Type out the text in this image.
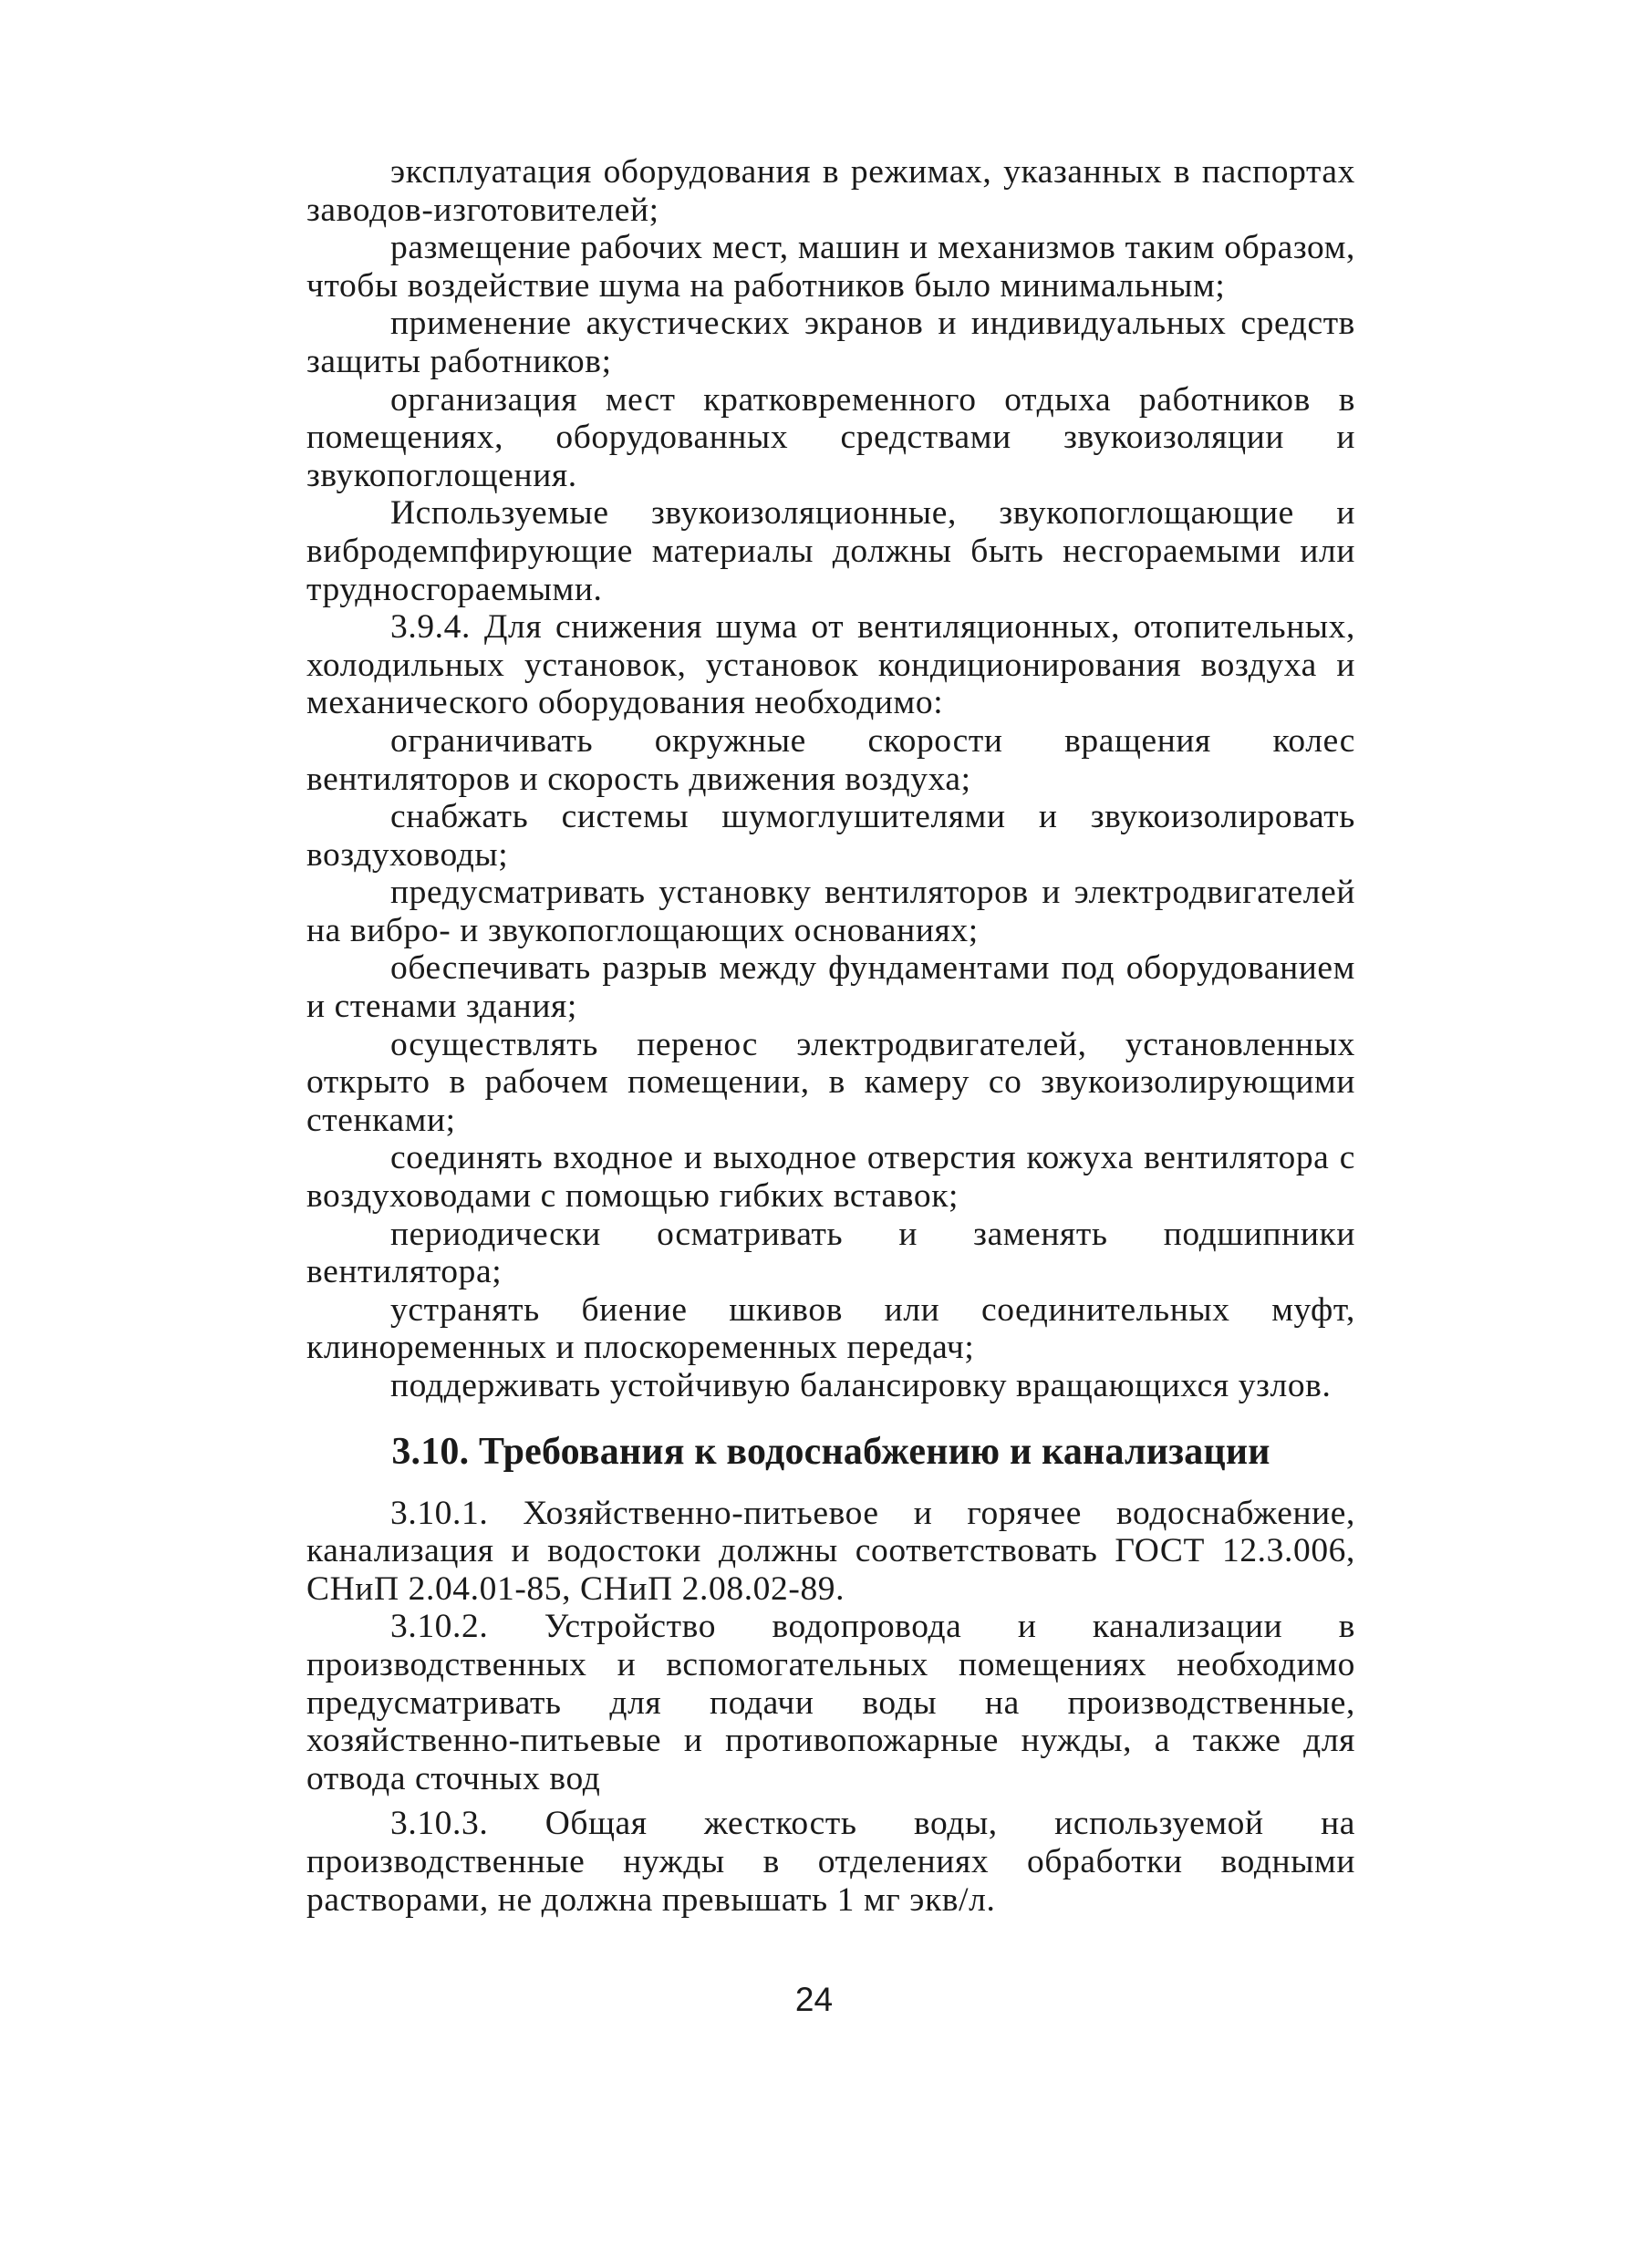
эксплуатация оборудования в режимах, указанных в паспортах заводов-изготовителей;

размещение рабочих мест, машин и механизмов таким образом, чтобы воздействие шума на работников было минимальным;

применение акустических экранов и индивидуальных средств защиты работников;

организация мест кратковременного отдыха работников в помещениях, оборудованных средствами звукоизоляции и звукопоглощения.

Используемые звукоизоляционные, звукопоглощающие и вибродемпфирующие материалы должны быть несгораемыми или трудносгораемыми.

3.9.4. Для снижения шума от вентиляционных, отопительных, холодильных установок, установок кондиционирования воздуха и механического оборудования необходимо:

ограничивать окружные скорости вращения колес вентиляторов и скорость движения воздуха;

снабжать системы шумоглушителями и звукоизолировать воздуховоды;

предусматривать установку вентиляторов и электродвигателей на вибро- и звукопоглощающих основаниях;

обеспечивать разрыв между фундаментами под оборудованием и стенами здания;

осуществлять перенос электродвигателей, установленных открыто в рабочем помещении, в камеру со звукоизолирующими стенками;

соединять входное и выходное отверстия кожуха вентилятора с воздуховодами с помощью гибких вставок;

периодически осматривать и заменять подшипники вентилятора;

устранять биение шкивов или соединительных муфт, клиноременных и плоскоременных передач;

поддерживать устойчивую балансировку вращающихся узлов.

3.10. Требования к водоснабжению и канализации

3.10.1. Хозяйственно-питьевое и горячее водоснабжение, канализация и водостоки должны соответствовать ГОСТ 12.3.006, СНиП 2.04.01-85, СНиП 2.08.02-89.

3.10.2. Устройство водопровода и канализации в производственных и вспомогательных помещениях необходимо предусматривать для подачи воды на производственные, хозяйственно-питьевые и противопожарные нужды, а также для отвода сточных вод

3.10.3. Общая жесткость воды, используемой на производственные нужды в отделениях обработки водными растворами, не должна превышать 1 мг экв/л.

24
